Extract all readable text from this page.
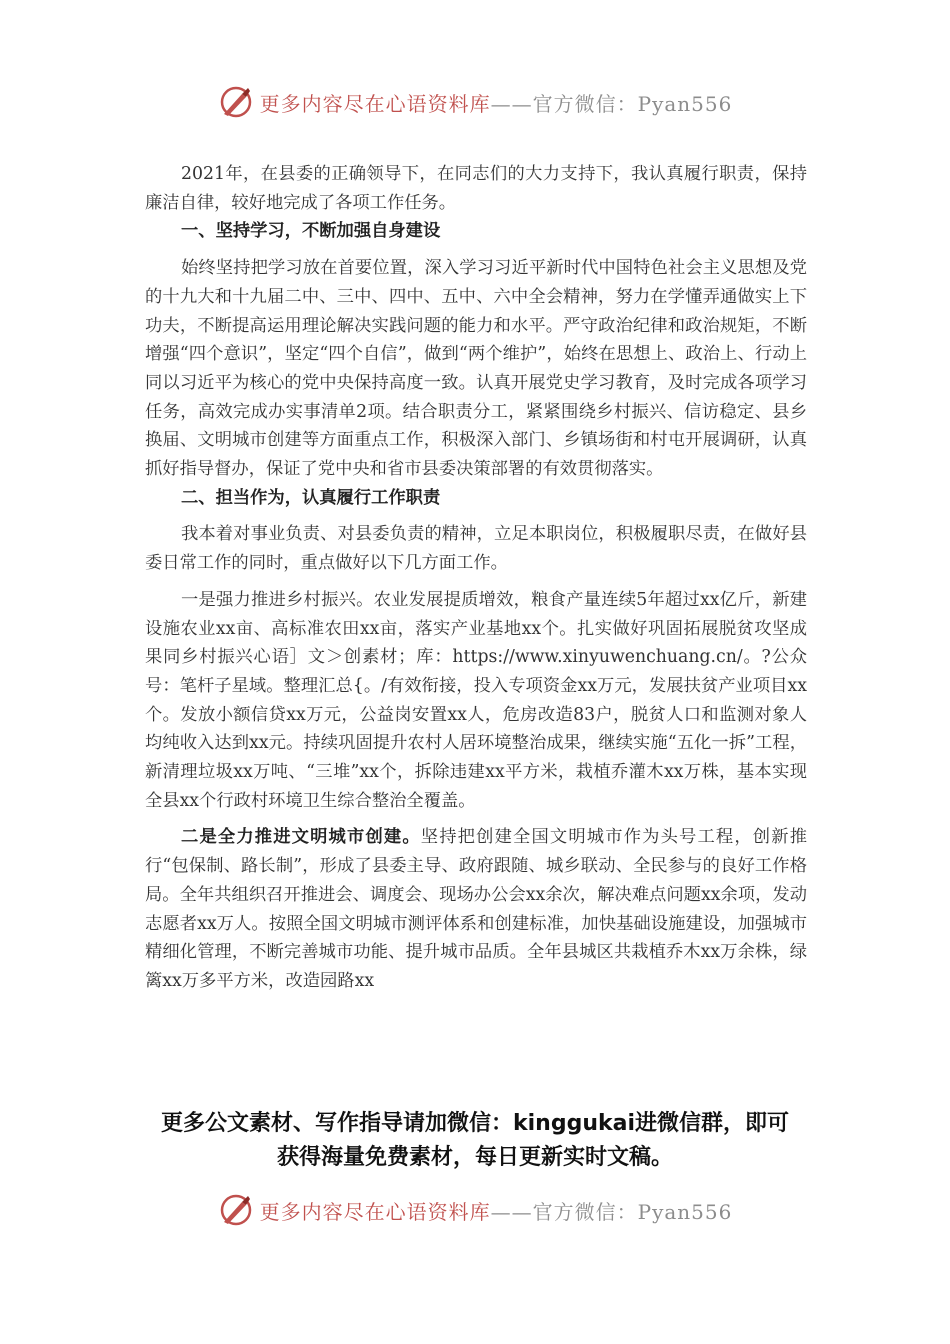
更多内容尽在心语资料库——官方微信：Pyan556

2021年，在县委的正确领导下，在同志们的大力支持下，我认真履行职责，保持廉洁自律，较好地完成了各项工作任务。

一、坚持学习，不断加强自身建设

始终坚持把学习放在首要位置，深入学习习近平新时代中国特色社会主义思想及党的十九大和十九届二中、三中、四中、五中、六中全会精神，努力在学懂弄通做实上下功夫，不断提高运用理论解决实践问题的能力和水平。严守政治纪律和政治规矩，不断增强“四个意识”，坚定“四个自信”，做到“两个维护”，始终在思想上、政治上、行动上同以习近平为核心的党中央保持高度一致。认真开展党史学习教育，及时完成各项学习任务，高效完成办实事清单2项。结合职责分工，紧紧围绕乡村振兴、信访稳定、县乡换届、文明城市创建等方面重点工作，积极深入部门、乡镇场街和村屯开展调研，认真抓好指导督办，保证了党中央和省市县委决策部署的有效贯彻落实。

二、担当作为，认真履行工作职责

我本着对事业负责、对县委负责的精神，立足本职岗位，积极履职尽责，在做好县委日常工作的同时，重点做好以下几方面工作。

一是强力推进乡村振兴。农业发展提质增效，粮食产量连续5年超过xx亿斤，新建设施农业xx亩、高标准农田xx亩，落实产业基地xx个。扎实做好巩固拓展脱贫攻坚成果同乡村振兴心语］文＞创素材；库：https://www.xinyuwenchuang.cn/。?公众号：笔杆子星域。整理汇总{。/有效衔接，投入专项资金xx万元，发展扶贫产业项目xx个。发放小额信贷xx万元，公益岗安置xx人，危房改造83户，脱贫人口和监测对象人均纯收入达到xx元。持续巩固提升农村人居环境整治成果，继续实施“五化一拆”工程，新清理垃圾xx万吨、“三堆”xx个，拆除违建xx平方米，栽植乔灌木xx万株，基本实现全县xx个行政村环境卫生综合整治全覆盖。

二是全力推进文明城市创建。坚持把创建全国文明城市作为头号工程，创新推行“包保制、路长制”，形成了县委主导、政府跟随、城乡联动、全民参与的良好工作格局。全年共组织召开推进会、调度会、现场办公会xx余次，解决难点问题xx余项，发动志愿者xx万人。按照全国文明城市测评体系和创建标准，加快基础设施建设，加强城市精细化管理，不断完善城市功能、提升城市品质。全年县城区共栽植乔木xx万余株，绿篱xx万多平方米，改造园路xx

更多公文素材、写作指导请加微信：kinggukai进微信群，即可
获得海量免费素材，每日更新实时文稿。
更多内容尽在心语资料库——官方微信：Pyan556
